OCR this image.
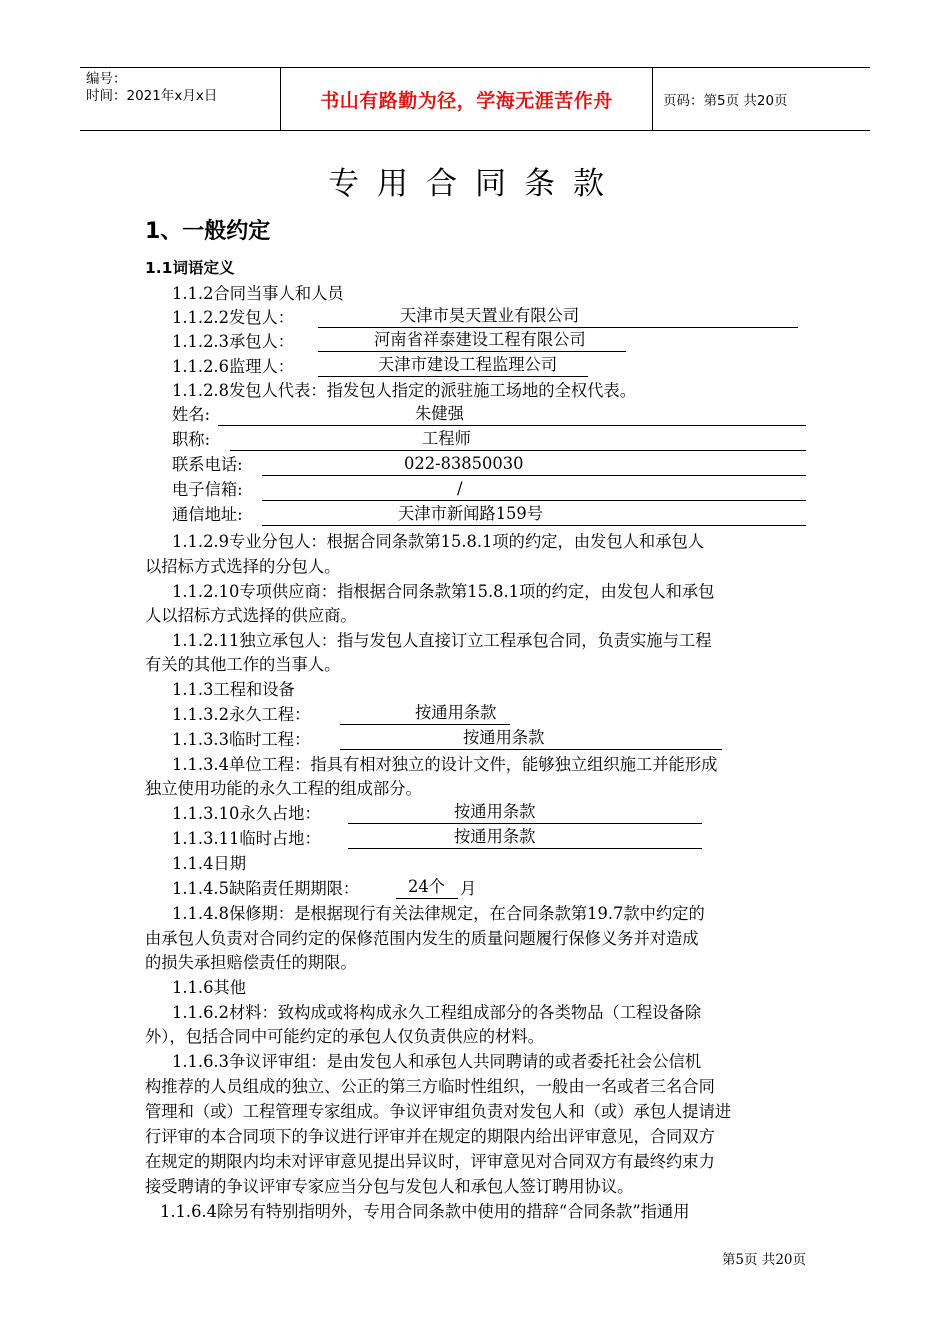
编号：
时间：2021年x月x日	书山有路勤为径，学海无涯苦作舟	页码：第5页 共20页
专用合同条款
1、一般约定
1.1词语定义
1.1.2合同当事人和人员
1.1.2.2发包人：	天津市昊天置业有限公司
1.1.2.3承包人：	河南省祥泰建设工程有限公司
1.1.2.6监理人：	天津市建设工程监理公司
1.1.2.8发包人代表：指发包人指定的派驻施工场地的全权代表。
姓名:	朱健强
职称:	工程师
联系电话:	022-83850030
电子信箱:	/
通信地址:	天津市新闻路159号
1.1.2.9专业分包人：根据合同条款第15.8.1项的约定，由发包人和承包人
以招标方式选择的分包人。
1.1.2.10专项供应商：指根据合同条款第15.8.1项的约定，由发包人和承包
人以招标方式选择的供应商。
1.1.2.11独立承包人：指与发包人直接订立工程承包合同，负责实施与工程
有关的其他工作的当事人。
1.1.3工程和设备
1.1.3.2永久工程：	按通用条款
1.1.3.3临时工程：	按通用条款
1.1.3.4单位工程：指具有相对独立的设计文件，能够独立组织施工并能形成
独立使用功能的永久工程的组成部分。
1.1.3.10永久占地：	按通用条款
1.1.3.11临时占地：	按通用条款
1.1.4日期
1.1.4.5缺陷责任期期限：	24个 月
1.1.4.8保修期：是根据现行有关法律规定，在合同条款第19.7款中约定的
由承包人负责对合同约定的保修范围内发生的质量问题履行保修义务并对造成
的损失承担赔偿责任的期限。
1.1.6其他
1.1.6.2材料：致构成或将构成永久工程组成部分的各类物品（工程设备除
外），包括合同中可能约定的承包人仅负责供应的材料。
1.1.6.3争议评审组：是由发包人和承包人共同聘请的或者委托社会公信机
构推荐的人员组成的独立、公正的第三方临时性组织，一般由一名或者三名合同
管理和（或）工程管理专家组成。争议评审组负责对发包人和（或）承包人提请进
行评审的本合同项下的争议进行评审并在规定的期限内给出评审意见，合同双方
在规定的期限内均未对评审意见提出异议时，评审意见对合同双方有最终约束力
接受聘请的争议评审专家应当分包与发包人和承包人签订聘用协议。
1.1.6.4除另有特别指明外，专用合同条款中使用的措辞“合同条款”指通用
第5页 共20页
